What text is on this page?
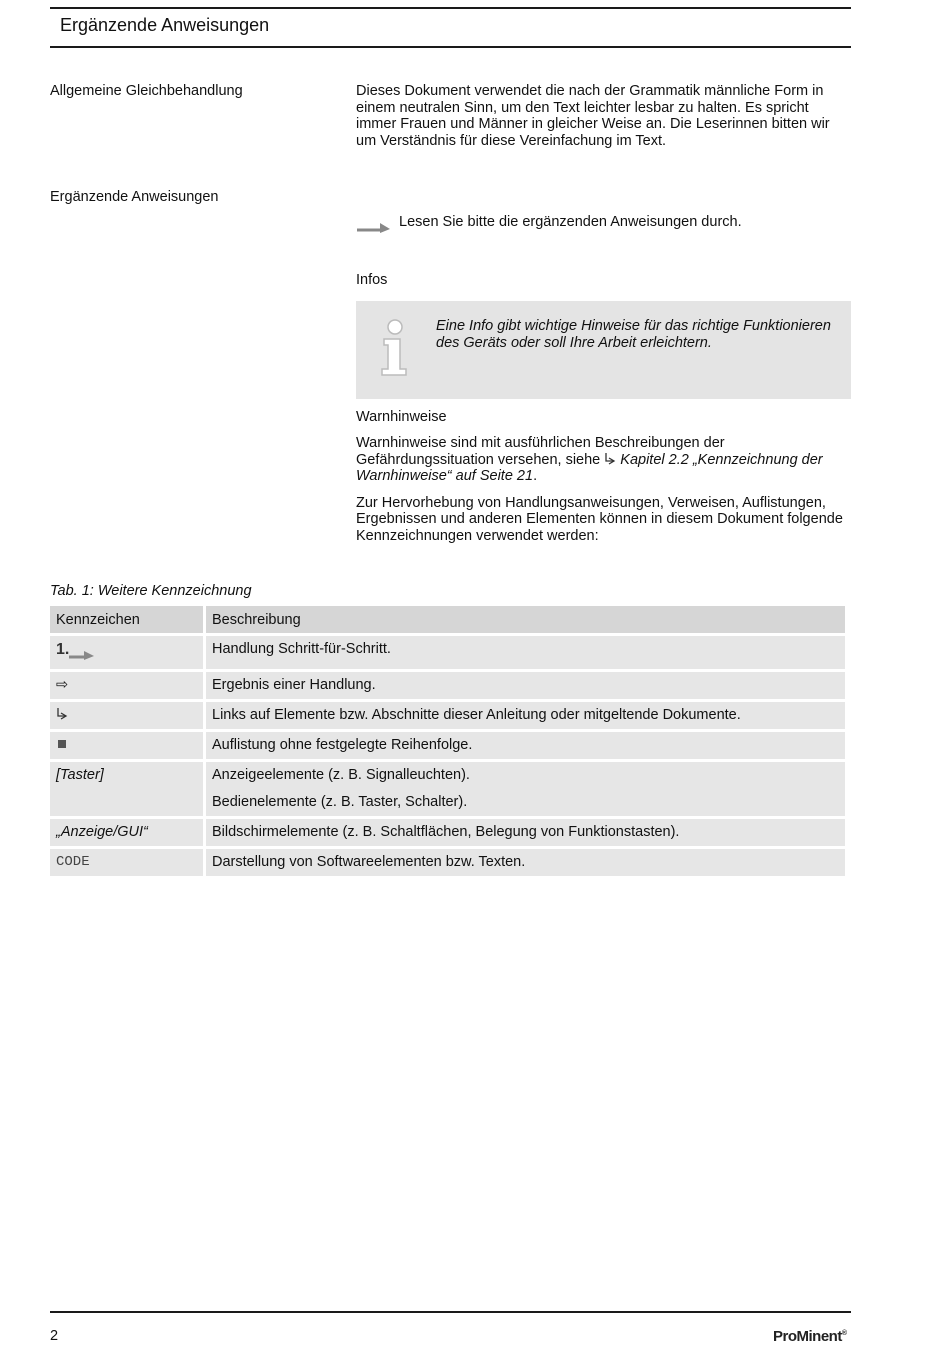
Ergänzende Anweisungen
Allgemeine Gleichbehandlung	Dieses Dokument verwendet die nach der Grammatik männliche Form in einem neutralen Sinn, um den Text leichter lesbar zu halten. Es spricht immer Frauen und Männer in gleicher Weise an. Die Leserinnen bitten wir um Verständnis für diese Vereinfachung im Text.

Ergänzende Anweisungen
Lesen Sie bitte die ergänzenden Anweisungen durch.
Infos
Eine Info gibt wichtige Hinweise für das richtige Funktionieren des Geräts oder soll Ihre Arbeit erleichtern.
Warnhinweise

Warnhinweise sind mit ausführlichen Beschreibungen der Gefährdungssituation versehen, siehe Kapitel 2.2 „Kennzeichnung der Warnhinweise“ auf Seite 21.

Zur Hervorhebung von Handlungsanweisungen, Verweisen, Auflistungen, Ergebnissen und anderen Elementen können in diesem Dokument folgende Kennzeichnungen verwendet werden:

Tab. 1: Weitere Kennzeichnung
Kennzeichen	Beschreibung
1.	Handlung Schritt-für-Schritt.
⇨	Ergebnis einer Handlung.
	Links auf Elemente bzw. Abschnitte dieser Anleitung oder mitgeltende Dokumente.
	Auflistung ohne festgelegte Reihenfolge.
[Taster]	Anzeigeelemente (z. B. Signalleuchten).
Bedienelemente (z. B. Taster, Schalter).

„Anzeige/GUI“	Bildschirmelemente (z. B. Schaltflächen, Belegung von Funktionstasten).
CODE	Darstellung von Softwareelementen bzw. Texten.
2	ProMinent®
